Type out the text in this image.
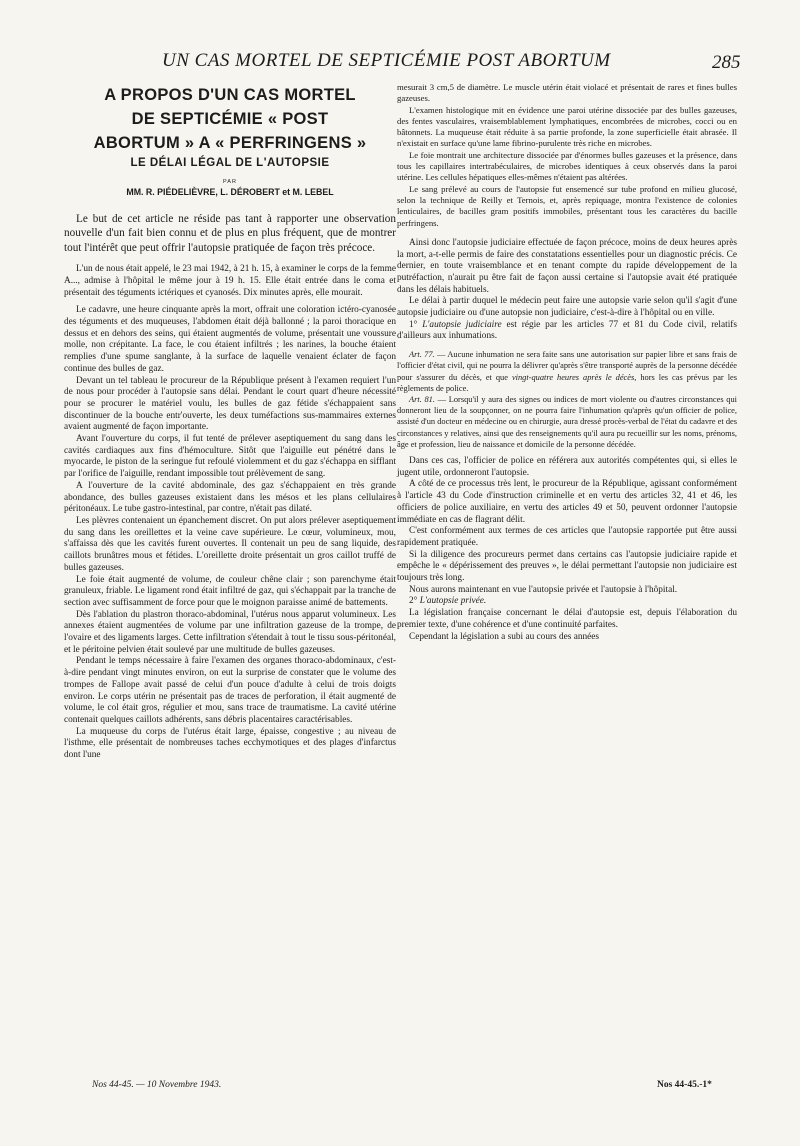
UN CAS MORTEL DE SEPTICÉMIE POST ABORTUM	285

A PROPOS D'UN CAS MORTEL
DE SEPTICÉMIE « POST
ABORTUM » A « PERFRINGENS »
LE DÉLAI LÉGAL DE L'AUTOPSIE
PAR
MM. R. PIÉDELIÈVRE, L. DÉROBERT et M. LEBEL

Le but de cet article ne réside pas tant à rapporter une observation nouvelle d'un fait bien connu et de plus en plus fréquent, que de montrer tout l'intérêt que peut offrir l'autopsie pratiquée de façon très précoce.

L'un de nous était appelé, le 23 mai 1942, à 21 h. 15, à examiner le corps de la femme A..., admise à l'hôpital le même jour à 19 h. 15. Elle était entrée dans le coma et présentait des téguments ictériques et cyanosés. Dix minutes après, elle mourait.

Le cadavre, une heure cinquante après la mort, offrait une coloration ictéro-cyanosée des téguments et des muqueuses, l'abdomen était déjà ballonné ; la paroi thoracique en dessus et en dehors des seins, qui étaient augmentés de volume, présentait une voussure molle, non crépitante. La face, le cou étaient infiltrés ; les narines, la bouche étaient remplies d'une spume sanglante, à la surface de laquelle venaient éclater de façon continue des bulles de gaz.

Devant un tel tableau le procureur de la République présent à l'examen requiert l'un de nous pour procéder à l'autopsie sans délai. Pendant le court quart d'heure nécessité pour se procurer le matériel voulu, les bulles de gaz fétide s'échappaient sans discontinuer de la bouche entr'ouverte, les deux tuméfactions sus-mammaires externes avaient augmenté de façon importante.

Avant l'ouverture du corps, il fut tenté de prélever aseptiquement du sang dans les cavités cardiaques aux fins d'hémoculture. Sitôt que l'aiguille eut pénétré dans le myocarde, le piston de la seringue fut refoulé violemment et du gaz s'échappa en sifflant par l'orifice de l'aiguille, rendant impossible tout prélèvement de sang.

A l'ouverture de la cavité abdominale, des gaz s'échappaient en très grande abondance, des bulles gazeuses existaient dans les mésos et les plans cellulaires péritonéaux. Le tube gastro-intestinal, par contre, n'était pas dilaté.

Les plèvres contenaient un épanchement discret. On put alors prélever aseptiquement du sang dans les oreillettes et la veine cave supérieure. Le cœur, volumineux, mou, s'affaissa dès que les cavités furent ouvertes. Il contenait un peu de sang liquide, des caillots brunâtres mous et fétides. L'oreillette droite présentait un gros caillot truffé de bulles gazeuses.

Le foie était augmenté de volume, de couleur chêne clair ; son parenchyme était granuleux, friable. Le ligament rond était infiltré de gaz, qui s'échappait par la tranche de section avec suffisamment de force pour que le moignon paraisse animé de battements.

Dès l'ablation du plastron thoraco-abdominal, l'utérus nous apparut volumineux. Les annexes étaient augmentées de volume par une infiltration gazeuse de la trompe, de l'ovaire et des ligaments larges. Cette infiltration s'étendait à tout le tissu sous-péritonéal, et le péritoine pelvien était soulevé par une multitude de bulles gazeuses.

Pendant le temps nécessaire à faire l'examen des organes thoraco-abdominaux, c'est-à-dire pendant vingt minutes environ, on eut la surprise de constater que le volume des trompes de Fallope avait passé de celui d'un pouce d'adulte à celui de trois doigts environ. Le corps utérin ne présentait pas de traces de perforation, il était augmenté de volume, le col était gros, régulier et mou, sans trace de traumatisme. La cavité utérine contenait quelques caillots adhérents, sans débris placentaires caractérisables.

La muqueuse du corps de l'utérus était large, épaisse, congestive ; au niveau de l'isthme, elle présentait de nombreuses taches ecchymotiques et des plages d'infarctus dont l'une

mesurait 3 cm,5 de diamètre. Le muscle utérin était violacé et présentait de rares et fines bulles gazeuses.

L'examen histologique mit en évidence une paroi utérine dissociée par des bulles gazeuses, des fentes vasculaires, vraisemblablement lymphatiques, encombrées de microbes, cocci ou en bâtonnets. La muqueuse était réduite à sa partie profonde, la zone superficielle était abrasée. Il n'existait en surface qu'une lame fibrino-purulente très riche en microbes.

Le foie montrait une architecture dissociée par d'énormes bulles gazeuses et la présence, dans tous les capillaires intertrabéculaires, de microbes identiques à ceux observés dans la paroi utérine. Les cellules hépatiques elles-mêmes n'étaient pas altérées.

Le sang prélevé au cours de l'autopsie fut ensemencé sur tube profond en milieu glucosé, selon la technique de Reilly et Ternois, et, après repiquage, montra l'existence de colonies lenticulaires, de bacilles gram positifs immobiles, présentant tous les caractères du bacille perfringens.

Ainsi donc l'autopsie judiciaire effectuée de façon précoce, moins de deux heures après la mort, a-t-elle permis de faire des constatations essentielles pour un diagnostic précis. Ce dernier, en toute vraisemblance et en tenant compte du rapide développement de la putréfaction, n'aurait pu être fait de façon aussi certaine si l'autopsie avait été pratiquée dans les délais habituels.

Le délai à partir duquel le médecin peut faire une autopsie varie selon qu'il s'agit d'une autopsie judiciaire ou d'une autopsie non judiciaire, c'est-à-dire à l'hôpital ou en ville.

1° L'autopsie judiciaire est régie par les articles 77 et 81 du Code civil, relatifs d'ailleurs aux inhumations.

Art. 77. — Aucune inhumation ne sera faite sans une autorisation sur papier libre et sans frais de l'officier d'état civil, qui ne pourra la délivrer qu'après s'être transporté auprès de la personne décédée pour s'assurer du décès, et que vingt-quatre heures après le décès, hors les cas prévus par les règlements de police.

Art. 81. — Lorsqu'il y aura des signes ou indices de mort violente ou d'autres circonstances qui donneront lieu de la soupçonner, on ne pourra faire l'inhumation qu'après qu'un officier de police, assisté d'un docteur en médecine ou en chirurgie, aura dressé procès-verbal de l'état du cadavre et des circonstances y relatives, ainsi que des renseignements qu'il aura pu recueillir sur les noms, prénoms, âge et profession, lieu de naissance et domicile de la personne décédée.

Dans ces cas, l'officier de police en référera aux autorités compétentes qui, si elles le jugent utile, ordonneront l'autopsie.

A côté de ce processus très lent, le procureur de la République, agissant conformément à l'article 43 du Code d'instruction criminelle et en vertu des articles 32, 41 et 46, les officiers de police auxiliaire, en vertu des articles 49 et 50, peuvent ordonner l'autopsie immédiate en cas de flagrant délit.

C'est conformément aux termes de ces articles que l'autopsie rapportée put être aussi rapidement pratiquée.

Si la diligence des procureurs permet dans certains cas l'autopsie judiciaire rapide et empêche le « dépérissement des preuves », le délai permettant l'autopsie non judiciaire est toujours très long.

Nous aurons maintenant en vue l'autopsie privée et l'autopsie à l'hôpital.

2° L'autopsie privée.

La législation française concernant le délai d'autopsie est, depuis l'élaboration du premier texte, d'une cohérence et d'une continuité parfaites.

Cependant la législation a subi au cours des années

Nos 44-45. — 10 Novembre 1943.	Nos 44-45.-1*
